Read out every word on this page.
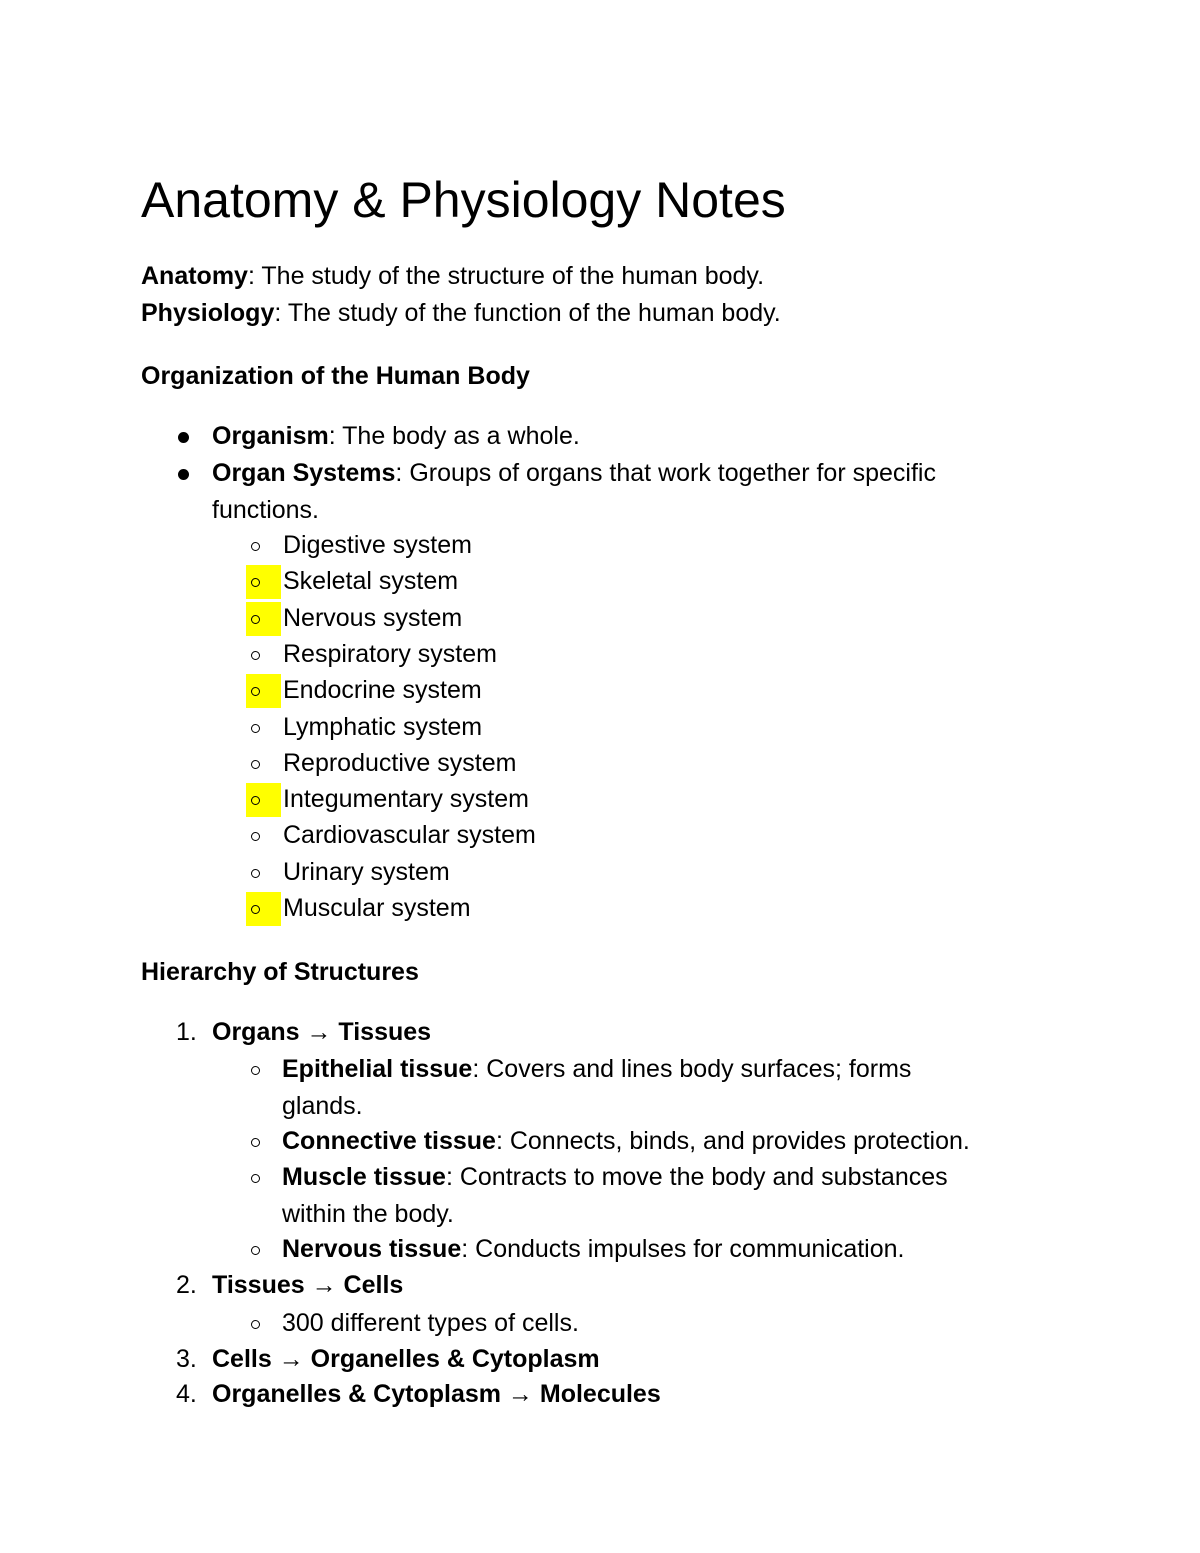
Anatomy & Physiology Notes
Anatomy: The study of the structure of the human body.
Physiology: The study of the function of the human body.
Organization of the Human Body
Organism: The body as a whole.
Organ Systems: Groups of organs that work together for specific
functions.
Digestive system
Skeletal system
Nervous system
Respiratory system
Endocrine system
Lymphatic system
Reproductive system
Integumentary system
Cardiovascular system
Urinary system
Muscular system
Hierarchy of Structures
1. Organs → Tissues
Epithelial tissue: Covers and lines body surfaces; forms
glands.
Connective tissue: Connects, binds, and provides protection.
Muscle tissue: Contracts to move the body and substances
within the body.
Nervous tissue: Conducts impulses for communication.
2. Tissues → Cells
300 different types of cells.
3. Cells → Organelles & Cytoplasm
4. Organelles & Cytoplasm → Molecules
